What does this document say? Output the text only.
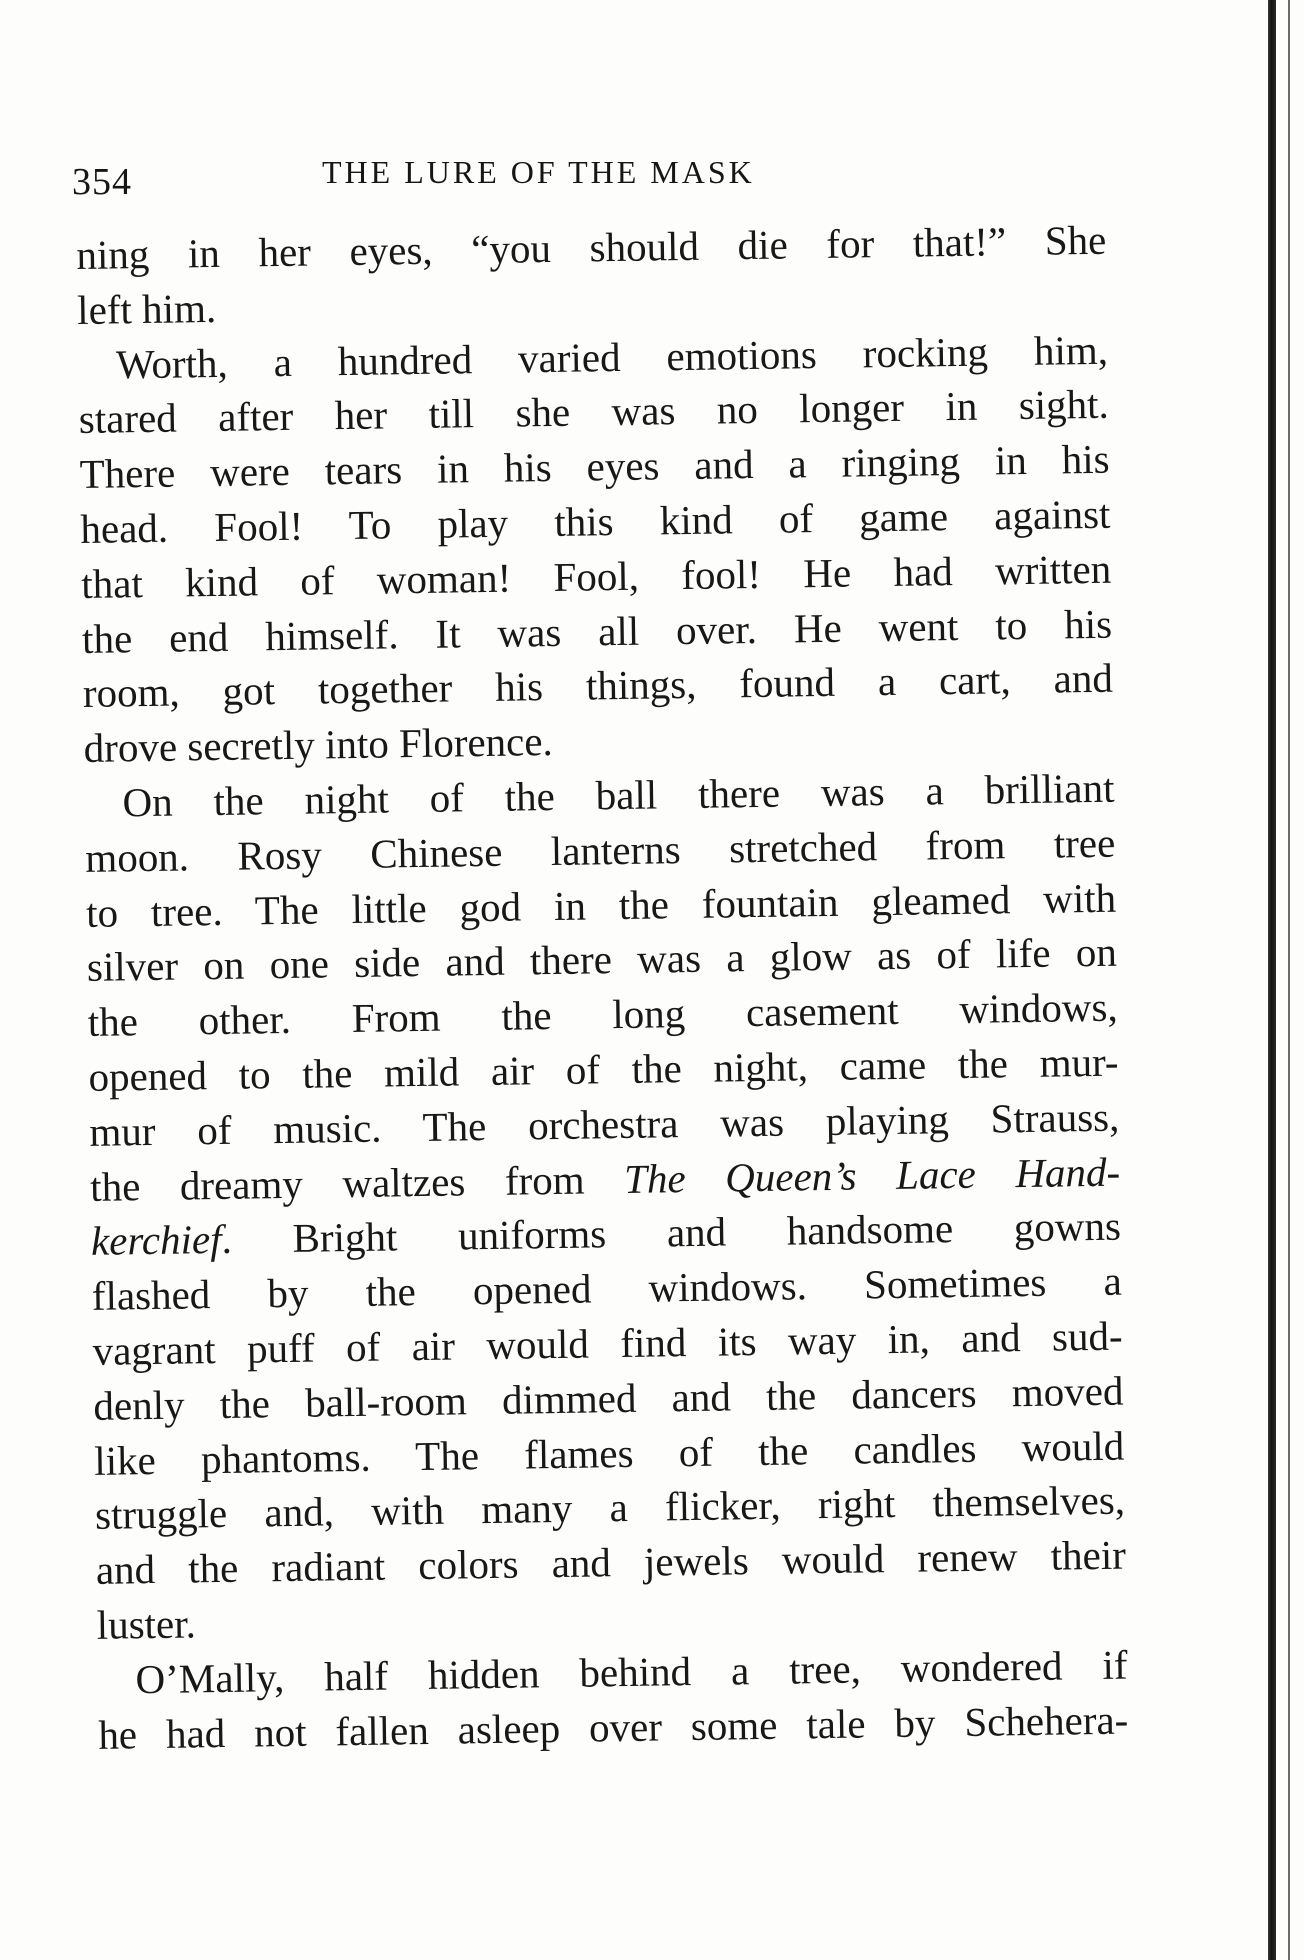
354	THE LURE OF THE MASK
ning in her eyes, “you should die for that!” She
left him.
Worth, a hundred varied emotions rocking him,
stared after her till she was no longer in sight.
There were tears in his eyes and a ringing in his
head. Fool! To play this kind of game against
that kind of woman! Fool, fool! He had written
the end himself. It was all over. He went to his
room, got together his things, found a cart, and
drove secretly into Florence.
On the night of the ball there was a brilliant
moon. Rosy Chinese lanterns stretched from tree
to tree. The little god in the fountain gleamed with
silver on one side and there was a glow as of life on
the other. From the long casement windows,
opened to the mild air of the night, came the mur-
mur of music. The orchestra was playing Strauss,
the dreamy waltzes from The Queen’s Lace Hand-
kerchief. Bright uniforms and handsome gowns
flashed by the opened windows. Sometimes a
vagrant puff of air would find its way in, and sud-
denly the ball-room dimmed and the dancers moved
like phantoms. The flames of the candles would
struggle and, with many a flicker, right themselves,
and the radiant colors and jewels would renew their
luster.
O’Mally, half hidden behind a tree, wondered if
he had not fallen asleep over some tale by Schehera-
